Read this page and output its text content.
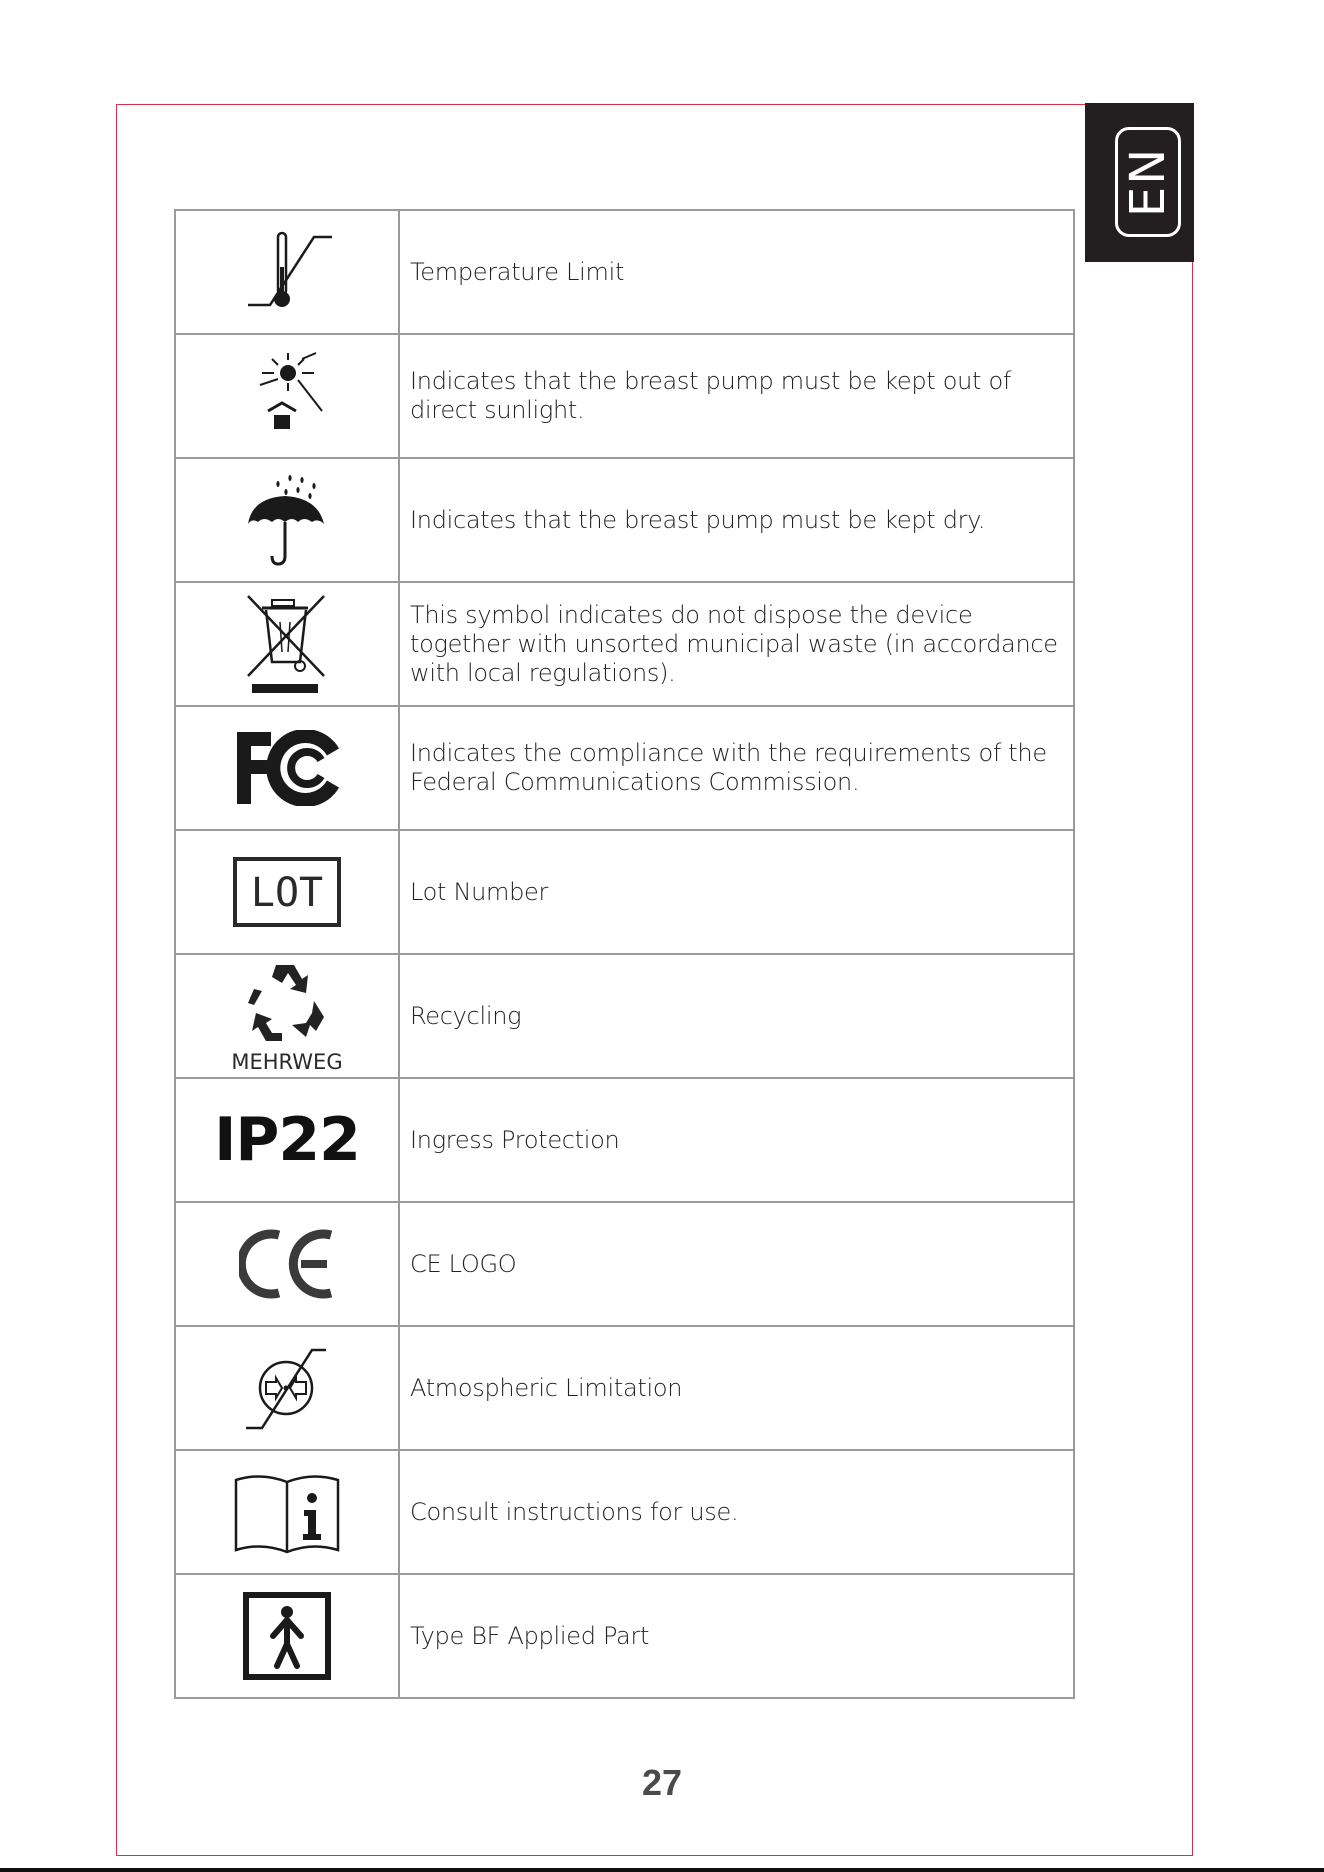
EN
	Temperature Limit

	Indicates that the breast pump must be kept out of direct sunlight.

	Indicates that the breast pump must be kept dry.

	This symbol indicates do not dispose the device together with unsorted municipal waste (in accordance with local regulations).

	Indicates the compliance with the requirements of the Federal Communications Commission.

LOT	Lot Number

MEHRWEG	Recycling

IP22	Ingress Protection

	CE LOGO

	Atmospheric Limitation

	Consult instructions for use.

	Type BF Applied Part
27
